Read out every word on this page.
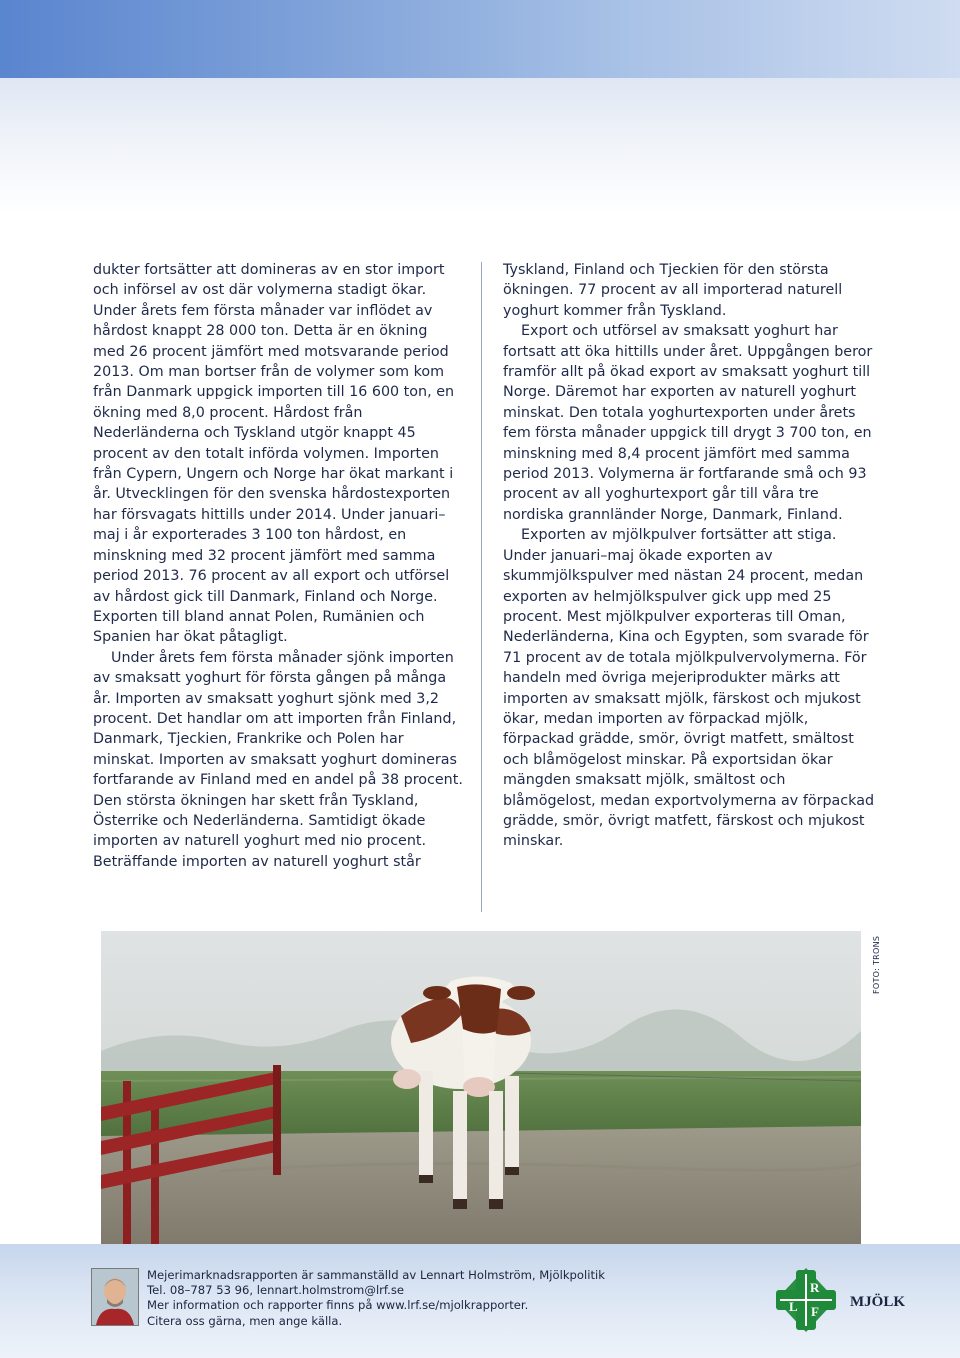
dukter fortsätter att domineras av en stor import och införsel av ost där volymerna stadigt ökar. Under årets fem första månader var inflödet av hårdost knappt 28 000 ton. Detta är en ökning med 26 procent jämfört med motsvarande period 2013. Om man bortser från de volymer som kom från Danmark uppgick importen till 16 600 ton, en ökning med 8,0 procent. Hårdost från Nederländerna och Tyskland utgör knappt 45 procent av den totalt införda volymen. Importen från Cypern, Ungern och Norge har ökat markant i år. Utvecklingen för den svenska hårdostexporten har försvagats hittills under 2014. Under januari–maj i år exporterades 3 100 ton hårdost, en minskning med 32 procent jämfört med samma period 2013. 76 procent av all export och utförsel av hårdost gick till Danmark, Finland och Norge. Exporten till bland annat Polen, Rumänien och Spanien har ökat påtagligt.

Under årets fem första månader sjönk importen av smaksatt yoghurt för första gången på många år. Importen av smaksatt yoghurt sjönk med 3,2 procent. Det handlar om att importen från Finland, Danmark, Tjeckien, Frankrike och Polen har minskat. Importen av smaksatt yoghurt domineras fortfarande av Finland med en andel på 38 procent. Den största ökningen har skett från Tyskland, Österrike och Nederländerna. Samtidigt ökade importen av naturell yoghurt med nio procent. Beträffande importen av naturell yoghurt står

Tyskland, Finland och Tjeckien för den största ökningen. 77 procent av all importerad naturell yoghurt kommer från Tyskland.

Export och utförsel av smaksatt yoghurt har fortsatt att öka hittills under året. Uppgången beror framför allt på ökad export av smaksatt yoghurt till Norge. Däremot har exporten av naturell yoghurt minskat. Den totala yoghurtexporten under årets fem första månader uppgick till drygt 3 700 ton, en minskning med 8,4 procent jämfört med samma period 2013. Volymerna är fortfarande små och 93 procent av all yoghurtexport går till våra tre nordiska grannländer Norge, Danmark, Finland.

Exporten av mjölkpulver fortsätter att stiga. Under januari–maj ökade exporten av skummjölkspulver med nästan 24 procent, medan exporten av helmjölkspulver gick upp med 25 procent. Mest mjölkpulver exporteras till Oman, Nederländerna, Kina och Egypten, som svarade för 71 procent av de totala mjölkpulvervolymerna. För handeln med övriga mejeriprodukter märks att importen av smaksatt mjölk, färskost och mjukost ökar, medan importen av förpackad mjölk, förpackad grädde, smör, övrigt matfett, smältost och blåmögelost minskar. På exportsidan ökar mängden smaksatt mjölk, smältost och blåmögelost, medan exportvolymerna av förpackad grädde, smör, övrigt matfett, färskost och mjukost minskar.

FOTO: TRONS
Mejerimarknadsrapporten är sammanställd av Lennart Holmström, Mjölkpolitik
Tel. 08–787 53 96, lennart.holmstrom@lrf.se
Mer information och rapporter finns på www.lrf.se/mjolkrapporter.
Citera oss gärna, men ange källa.
R
L F
MJÖLK
